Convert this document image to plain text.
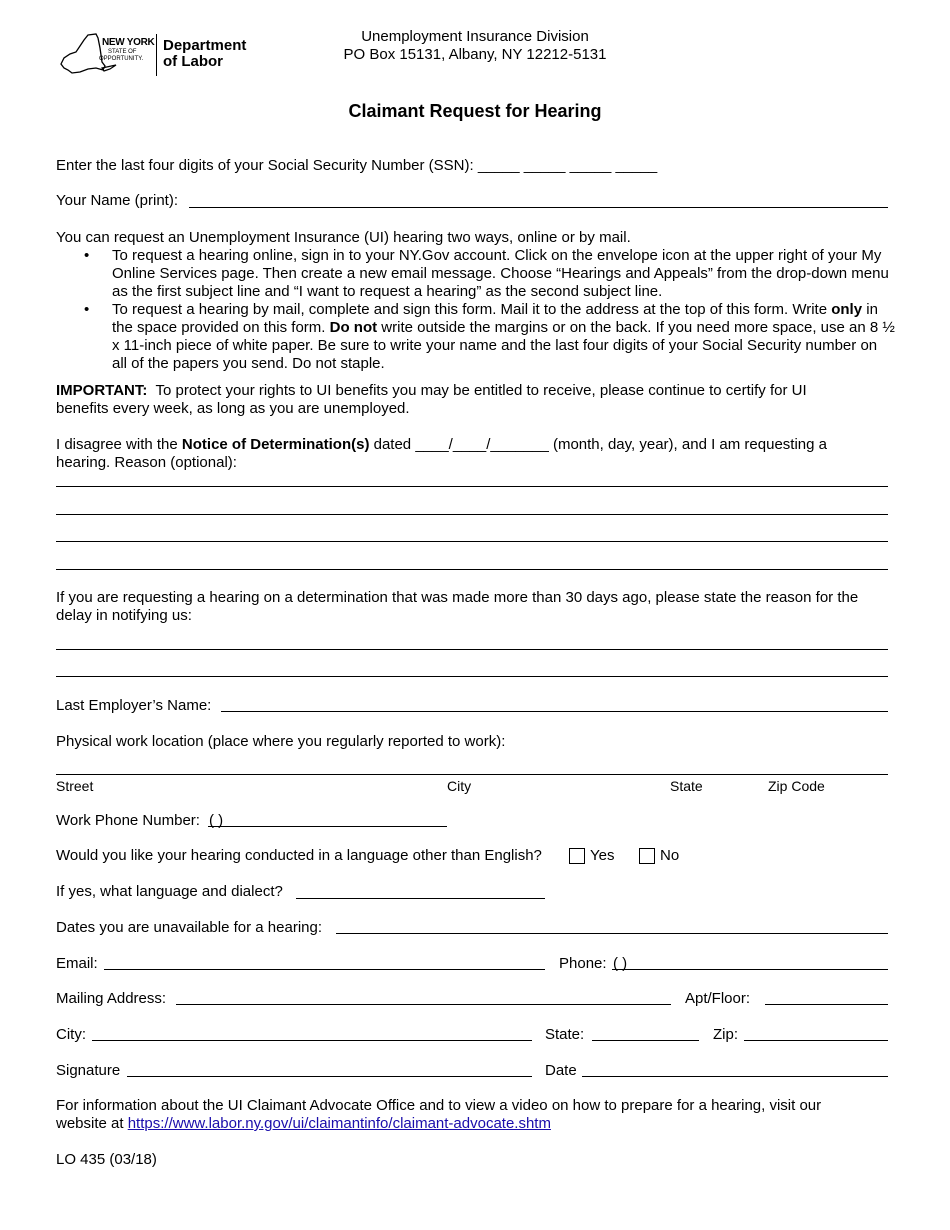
NEW YORK
STATE OF
OPPORTUNITY.
Department
of Labor
Unemployment Insurance Division
PO Box 15131, Albany, NY 12212-5131
Claimant Request for Hearing
Enter the last four digits of your Social Security Number (SSN): _____ _____ _____ _____
Your Name (print):
You can request an Unemployment Insurance (UI) hearing two ways, online or by mail.
• To request a hearing online, sign in to your NY.Gov account. Click on the envelope icon at the upper right of your My Online Services page. Then create a new email message. Choose “Hearings and Appeals” from the drop-down menu as the first subject line and “I want to request a hearing” as the second subject line.
• To request a hearing by mail, complete and sign this form. Mail it to the address at the top of this form. Write only in the space provided on this form. Do not write outside the margins or on the back. If you need more space, use an 8 ½ x 11-inch piece of white paper. Be sure to write your name and the last four digits of your Social Security number on all of the papers you send. Do not staple.
IMPORTANT: To protect your rights to UI benefits you may be entitled to receive, please continue to certify for UI benefits every week, as long as you are unemployed.
I disagree with the Notice of Determination(s) dated ____/____/_______ (month, day, year), and I am requesting a hearing. Reason (optional):
If you are requesting a hearing on a determination that was made more than 30 days ago, please state the reason for the delay in notifying us:
Last Employer’s Name:
Physical work location (place where you regularly reported to work):
Street	City	State	Zip Code
Work Phone Number: ( )
Would you like your hearing conducted in a language other than English?	Yes	No
If yes, what language and dialect?
Dates you are unavailable for a hearing:
Email:	Phone: ( )
Mailing Address:	Apt/Floor:
City:	State:	Zip:
Signature	Date
For information about the UI Claimant Advocate Office and to view a video on how to prepare for a hearing, visit our website at https://www.labor.ny.gov/ui/claimantinfo/claimant-advocate.shtm
LO 435 (03/18)
